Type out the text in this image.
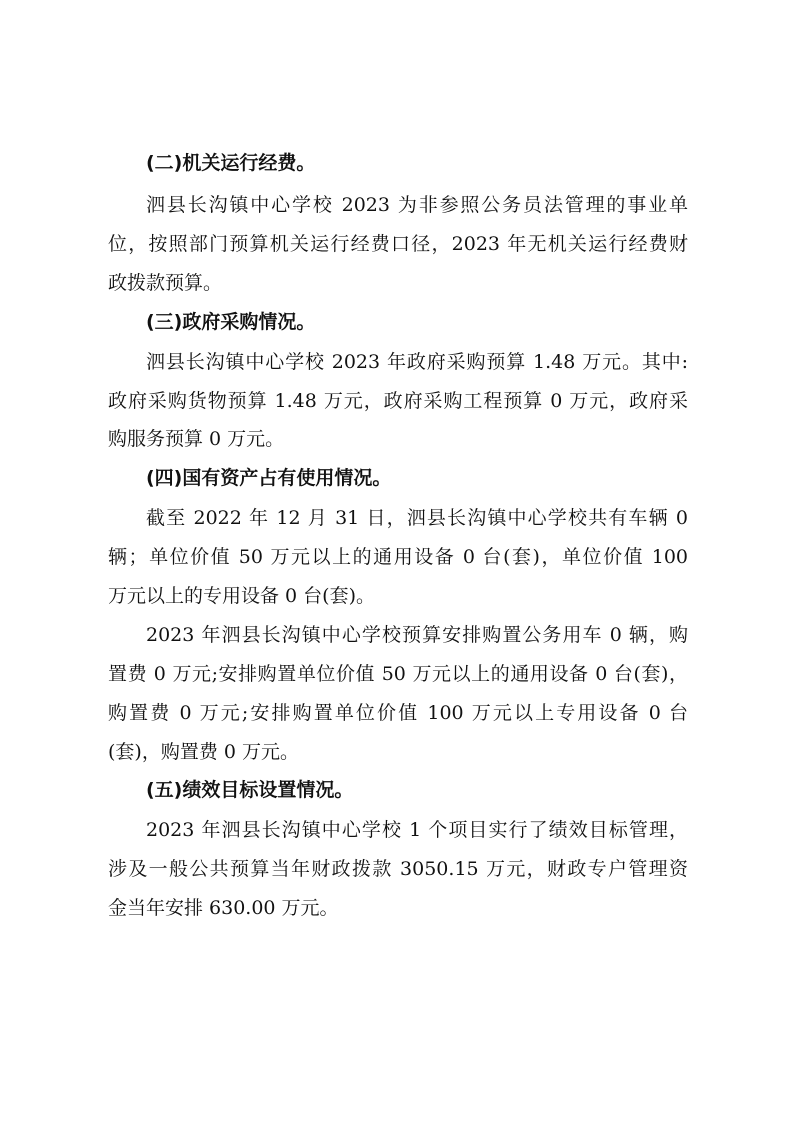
(二)机关运行经费。
泗县长沟镇中心学校 2023 为非参照公务员法管理的事业单
位，按照部门预算机关运行经费口径，2023 年无机关运行经费财
政拨款预算。
(三)政府采购情况。
泗县长沟镇中心学校 2023 年政府采购预算 1.48 万元。其中:
政府采购货物预算 1.48 万元，政府采购工程预算 0 万元，政府采
购服务预算 0 万元。
(四)国有资产占有使用情况。
截至 2022 年 12 月 31 日，泗县长沟镇中心学校共有车辆 0
辆；单位价值 50 万元以上的通用设备 0 台(套)，单位价值 100
万元以上的专用设备 0 台(套)。
2023 年泗县长沟镇中心学校预算安排购置公务用车 0 辆，购
置费 0 万元;安排购置单位价值 50 万元以上的通用设备 0 台(套)，
购置费 0 万元;安排购置单位价值 100 万元以上专用设备 0 台
(套)，购置费 0 万元。
(五)绩效目标设置情况。
2023 年泗县长沟镇中心学校 1 个项目实行了绩效目标管理，
涉及一般公共预算当年财政拨款 3050.15 万元，财政专户管理资
金当年安排 630.00 万元。
